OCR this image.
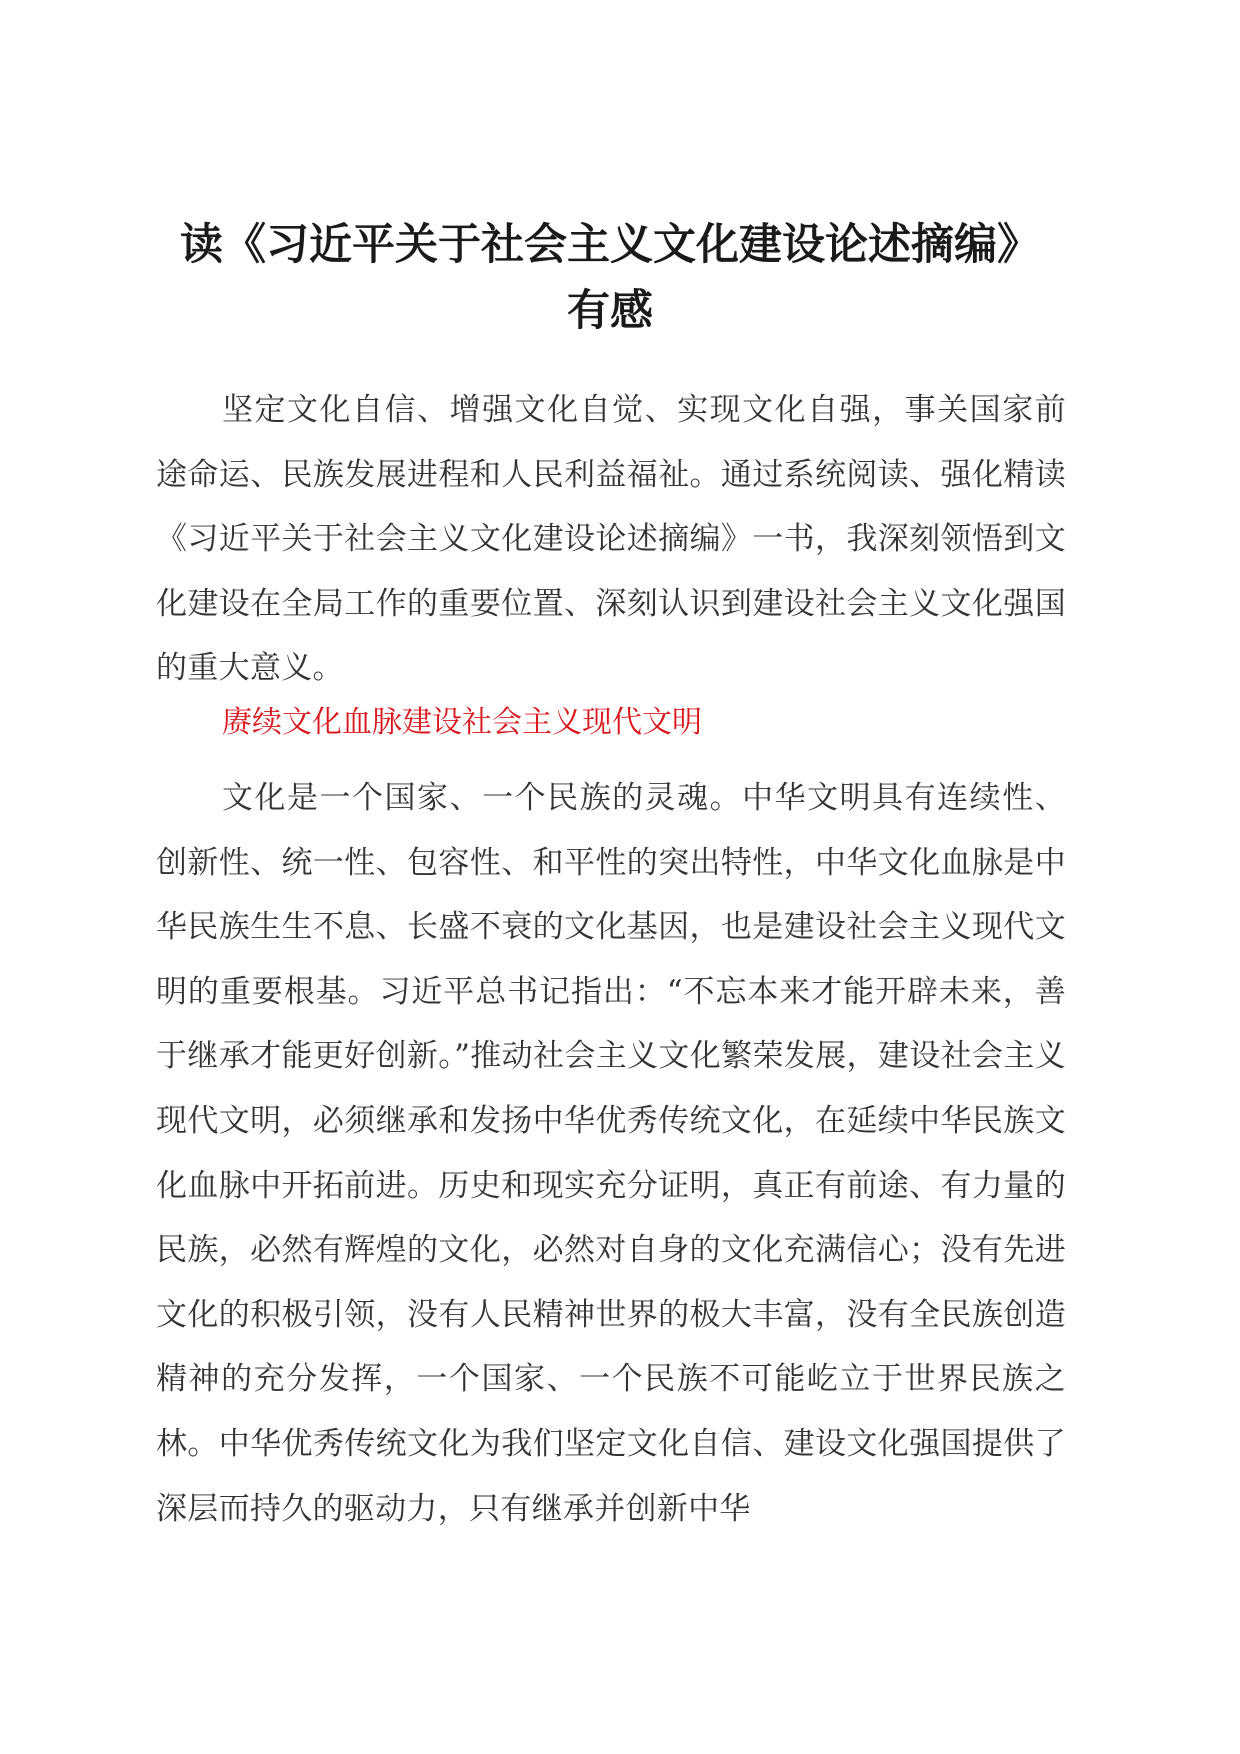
读《习近平关于社会主义文化建设论述摘编》
有感

坚定文化自信、增强文化自觉、实现文化自强，事关国家前途命运、民族发展进程和人民利益福祉。通过系统阅读、强化精读《习近平关于社会主义文化建设论述摘编》一书，我深刻领悟到文化建设在全局工作的重要位置、深刻认识到建设社会主义文化强国的重大意义。

赓续文化血脉建设社会主义现代文明

文化是一个国家、一个民族的灵魂。中华文明具有连续性、创新性、统一性、包容性、和平性的突出特性，中华文化血脉是中华民族生生不息、长盛不衰的文化基因，也是建设社会主义现代文明的重要根基。习近平总书记指出：“不忘本来才能开辟未来，善于继承才能更好创新。”推动社会主义文化繁荣发展，建设社会主义现代文明，必须继承和发扬中华优秀传统文化，在延续中华民族文化血脉中开拓前进。历史和现实充分证明，真正有前途、有力量的民族，必然有辉煌的文化，必然对自身的文化充满信心；没有先进文化的积极引领，没有人民精神世界的极大丰富，没有全民族创造精神的充分发挥，一个国家、一个民族不可能屹立于世界民族之林。中华优秀传统文化为我们坚定文化自信、建设文化强国提供了深层而持久的驱动力，只有继承并创新中华
